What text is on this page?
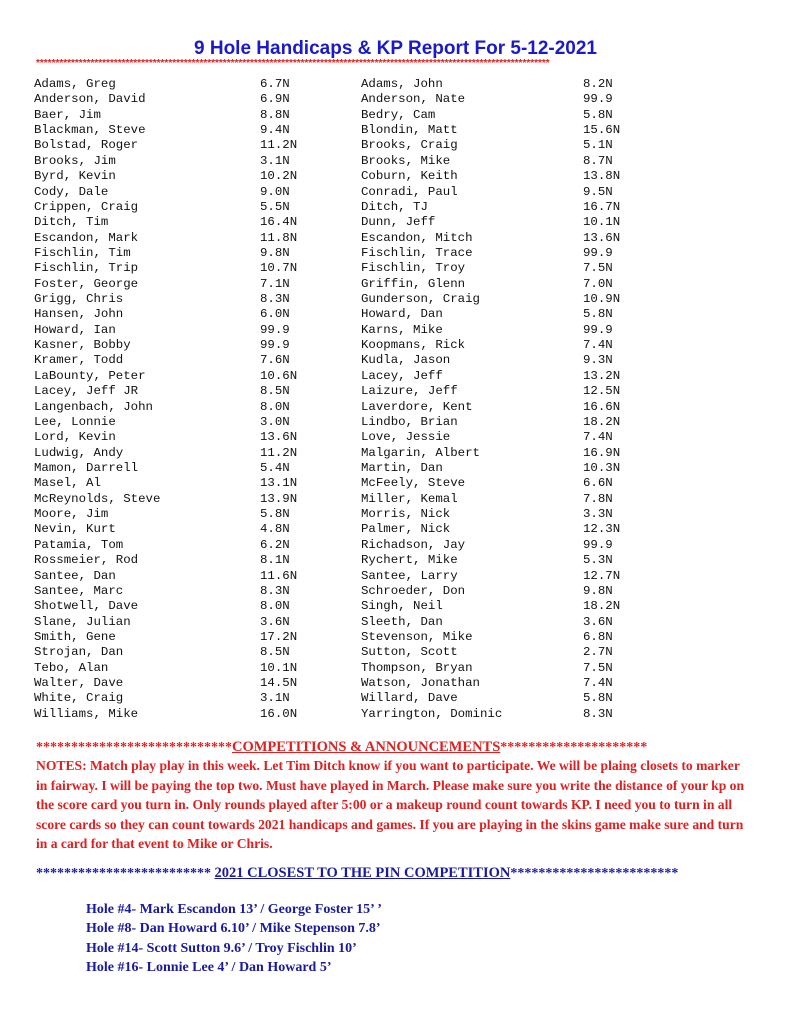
9 Hole Handicaps & KP Report For 5-12-2021
************************************************************************************************************************************
Adams, Greg	6.7N	Adams, John	8.2N
Anderson, David	6.9N	Anderson, Nate	99.9
Baer, Jim	8.8N	Bedry, Cam	5.8N
Blackman, Steve	9.4N	Blondin, Matt	15.6N
Bolstad, Roger	11.2N	Brooks, Craig	5.1N
Brooks, Jim	3.1N	Brooks, Mike	8.7N
Byrd, Kevin	10.2N	Coburn, Keith	13.8N
Cody, Dale	9.0N	Conradi, Paul	9.5N
Crippen, Craig	5.5N	Ditch, TJ	16.7N
Ditch, Tim	16.4N	Dunn, Jeff	10.1N
Escandon, Mark	11.8N	Escandon, Mitch	13.6N
Fischlin, Tim	9.8N	Fischlin, Trace	99.9
Fischlin, Trip	10.7N	Fischlin, Troy	7.5N
Foster, George	7.1N	Griffin, Glenn	7.0N
Grigg, Chris	8.3N	Gunderson, Craig	10.9N
Hansen, John	6.0N	Howard, Dan	5.8N
Howard, Ian	99.9	Karns, Mike	99.9
Kasner, Bobby	99.9	Koopmans, Rick	7.4N
Kramer, Todd	7.6N	Kudla, Jason	9.3N
LaBounty, Peter	10.6N	Lacey, Jeff	13.2N
Lacey, Jeff JR	8.5N	Laizure, Jeff	12.5N
Langenbach, John	8.0N	Laverdore, Kent	16.6N
Lee, Lonnie	3.0N	Lindbo, Brian	18.2N
Lord, Kevin	13.6N	Love, Jessie	7.4N
Ludwig, Andy	11.2N	Malgarin, Albert	16.9N
Mamon, Darrell	5.4N	Martin, Dan	10.3N
Masel, Al	13.1N	McFeely, Steve	6.6N
McReynolds, Steve	13.9N	Miller, Kemal	7.8N
Moore, Jim	5.8N	Morris, Nick	3.3N
Nevin, Kurt	4.8N	Palmer, Nick	12.3N
Patamia, Tom	6.2N	Richadson, Jay	99.9
Rossmeier, Rod	8.1N	Rychert, Mike	5.3N
Santee, Dan	11.6N	Santee, Larry	12.7N
Santee, Marc	8.3N	Schroeder, Don	9.8N
Shotwell, Dave	8.0N	Singh, Neil	18.2N
Slane, Julian	3.6N	Sleeth, Dan	3.6N
Smith, Gene	17.2N	Stevenson, Mike	6.8N
Strojan, Dan	8.5N	Sutton, Scott	2.7N
Tebo, Alan	10.1N	Thompson, Bryan	7.5N
Walter, Dave	14.5N	Watson, Jonathan	7.4N
White, Craig	3.1N	Willard, Dave	5.8N
Williams, Mike	16.0N	Yarrington, Dominic	8.3N
****************************COMPETITIONS & ANNOUNCEMENTS*********************
NOTES: Match play play in this week. Let Tim Ditch know if you want to participate. We will be plaing closets to marker in fairway. I will be paying the top two. Must have played in March. Please make sure you write the distance of your kp on the score card you turn in. Only rounds played after 5:00 or a makeup round count towards KP. I need you to turn in all score cards so they can count towards 2021 handicaps and games. If you are playing in the skins game make sure and turn in a card for that event to Mike or Chris.
************************* 2021 CLOSEST TO THE PIN COMPETITION************************
Hole #4- Mark Escandon 13’ / George Foster 15’ ’
Hole #8- Dan Howard 6.10’ / Mike Stepenson 7.8’
Hole #14- Scott Sutton 9.6’ / Troy Fischlin 10’
Hole #16- Lonnie Lee 4’ / Dan Howard 5’
